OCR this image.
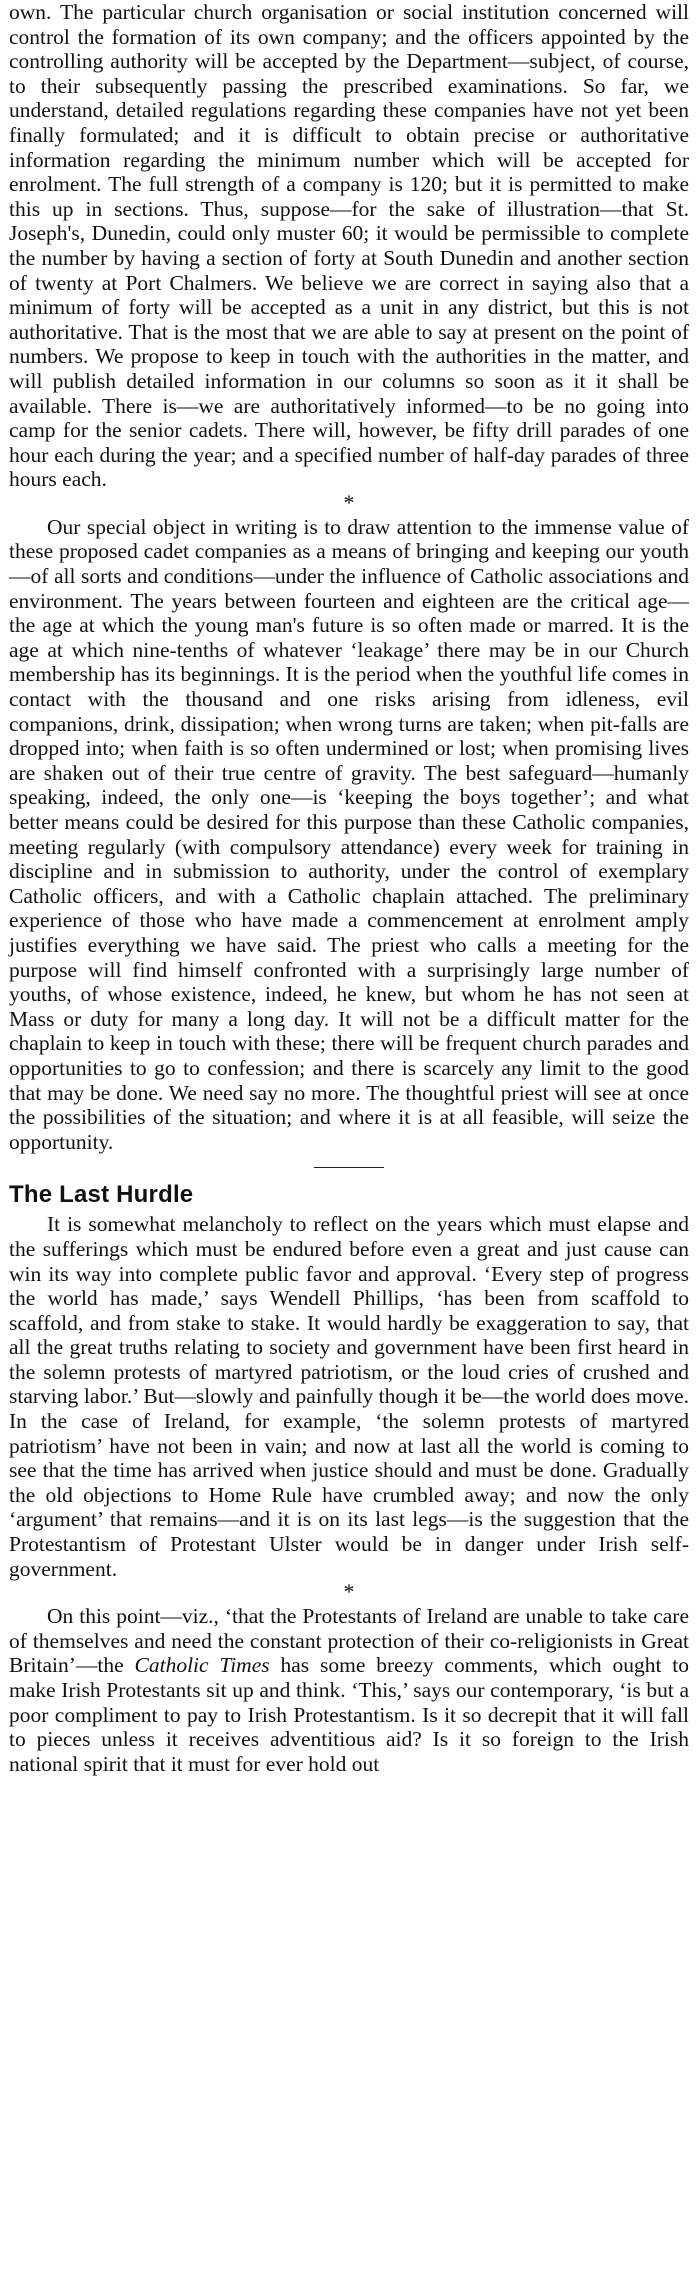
own. The particular church organisation or social institution concerned will control the formation of its own company; and the officers appointed by the controlling authority will be accepted by the Department—subject, of course, to their subsequently passing the prescribed examinations. So far, we understand, detailed regulations regarding these companies have not yet been finally formulated; and it is difficult to obtain precise or authoritative information regarding the minimum number which will be accepted for enrolment. The full strength of a company is 120; but it is permitted to make this up in sections. Thus, suppose—for the sake of illustration—that St. Joseph's, Dunedin, could only muster 60; it would be permissible to complete the number by having a section of forty at South Dunedin and another section of twenty at Port Chalmers. We believe we are correct in saying also that a minimum of forty will be accepted as a unit in any district, but this is not authoritative. That is the most that we are able to say at present on the point of numbers. We propose to keep in touch with the authorities in the matter, and will publish detailed information in our columns so soon as it it shall be available. There is—we are authoritatively informed—to be no going into camp for the senior cadets. There will, however, be fifty drill parades of one hour each during the year; and a specified number of half-day parades of three hours each.

*

Our special object in writing is to draw attention to the immense value of these proposed cadet companies as a means of bringing and keeping our youth—of all sorts and conditions—under the influence of Catholic associations and environment. The years between fourteen and eighteen are the critical age—the age at which the young man's future is so often made or marred. It is the age at which nine-tenths of whatever ‘leakage’ there may be in our Church membership has its beginnings. It is the period when the youthful life comes in contact with the thousand and one risks arising from idleness, evil companions, drink, dissipation; when wrong turns are taken; when pit-falls are dropped into; when faith is so often undermined or lost; when promising lives are shaken out of their true centre of gravity. The best safeguard—humanly speaking, indeed, the only one—is ‘keeping the boys together’; and what better means could be desired for this purpose than these Catholic companies, meeting regularly (with compulsory attendance) every week for training in discipline and in submission to authority, under the control of exemplary Catholic officers, and with a Catholic chaplain attached. The preliminary experience of those who have made a commencement at enrolment amply justifies everything we have said. The priest who calls a meeting for the purpose will find himself confronted with a surprisingly large number of youths, of whose existence, indeed, he knew, but whom he has not seen at Mass or duty for many a long day. It will not be a difficult matter for the chaplain to keep in touch with these; there will be frequent church parades and opportunities to go to confession; and there is scarcely any limit to the good that may be done. We need say no more. The thoughtful priest will see at once the possibilities of the situation; and where it is at all feasible, will seize the opportunity.

The Last Hurdle

It is somewhat melancholy to reflect on the years which must elapse and the sufferings which must be endured before even a great and just cause can win its way into complete public favor and approval. ‘Every step of progress the world has made,’ says Wendell Phillips, ‘has been from scaffold to scaffold, and from stake to stake. It would hardly be exaggeration to say, that all the great truths relating to society and government have been first heard in the solemn protests of martyred patriotism, or the loud cries of crushed and starving labor.’ But—slowly and painfully though it be—the world does move. In the case of Ireland, for example, ‘the solemn protests of martyred patriotism’ have not been in vain; and now at last all the world is coming to see that the time has arrived when justice should and must be done. Gradually the old objections to Home Rule have crumbled away; and now the only ‘argument’ that remains—and it is on its last legs—is the suggestion that the Protestantism of Protestant Ulster would be in danger under Irish self-government.

*

On this point—viz., ‘that the Protestants of Ireland are unable to take care of themselves and need the constant protection of their co-religionists in Great Britain’—the Catholic Times has some breezy comments, which ought to make Irish Protestants sit up and think. ‘This,’ says our contemporary, ‘is but a poor compliment to pay to Irish Protestantism. Is it so decrepit that it will fall to pieces unless it receives adventitious aid? Is it so foreign to the Irish national spirit that it must for ever hold out
